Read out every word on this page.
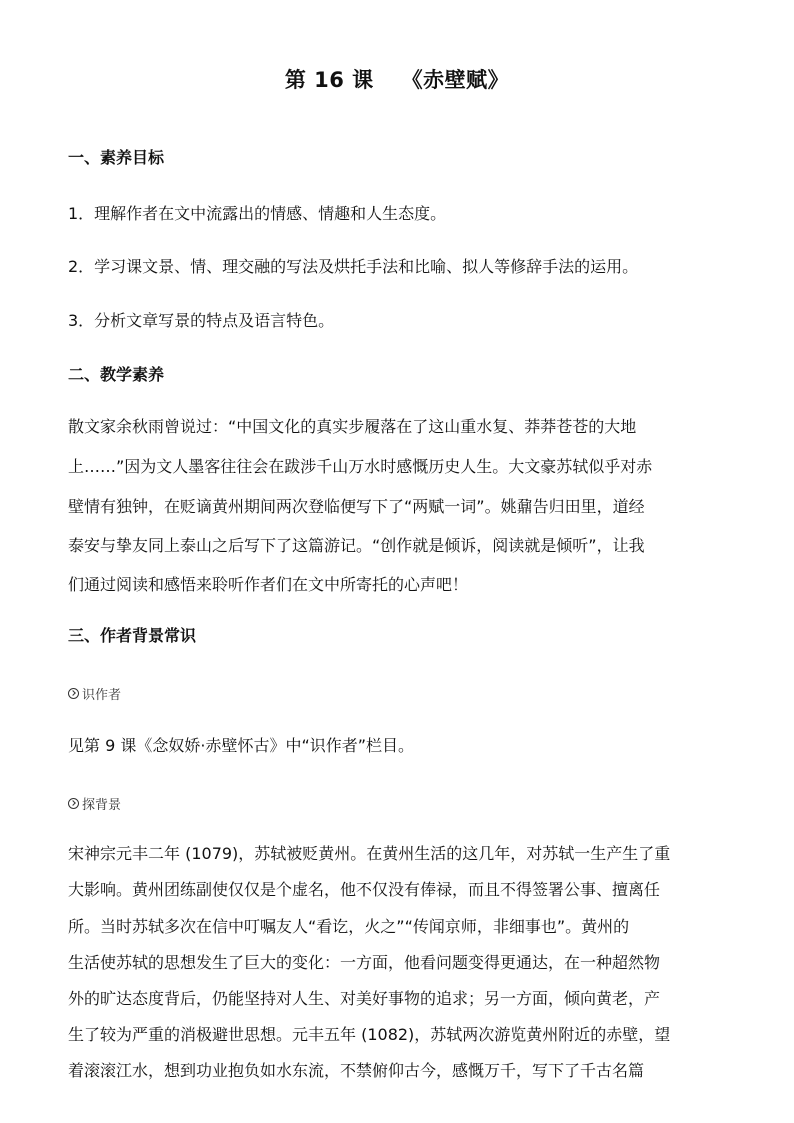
第 16 课 《赤壁赋》
一、素养目标
1．理解作者在文中流露出的情感、情趣和人生态度。
2．学习课文景、情、理交融的写法及烘托手法和比喻、拟人等修辞手法的运用。
3．分析文章写景的特点及语言特色。
二、教学素养
散文家余秋雨曾说过：“中国文化的真实步履落在了这山重水复、莽莽苍苍的大地
上……”因为文人墨客往往会在跋涉千山万水时感慨历史人生。大文豪苏轼似乎对赤
壁情有独钟，在贬谪黄州期间两次登临便写下了“两赋一词”。姚鼐告归田里，道经
泰安与挚友同上泰山之后写下了这篇游记。“创作就是倾诉，阅读就是倾听”，让我
们通过阅读和感悟来聆听作者们在文中所寄托的心声吧！
三、作者背景常识
识作者
见第 9 课《念奴娇·赤壁怀古》中“识作者”栏目。
探背景
宋神宗元丰二年 (1079)，苏轼被贬黄州。在黄州生活的这几年，对苏轼一生产生了重
大影响。黄州团练副使仅仅是个虚名，他不仅没有俸禄，而且不得签署公事、擅离任
所。当时苏轼多次在信中叮嘱友人“看讫，火之”“传闻京师，非细事也”。黄州的
生活使苏轼的思想发生了巨大的变化：一方面，他看问题变得更通达，在一种超然物
外的旷达态度背后，仍能坚持对人生、对美好事物的追求；另一方面，倾向黄老，产
生了较为严重的消极避世思想。元丰五年 (1082)，苏轼两次游览黄州附近的赤壁，望
着滚滚江水，想到功业抱负如水东流，不禁俯仰古今，感慨万千，写下了千古名篇
